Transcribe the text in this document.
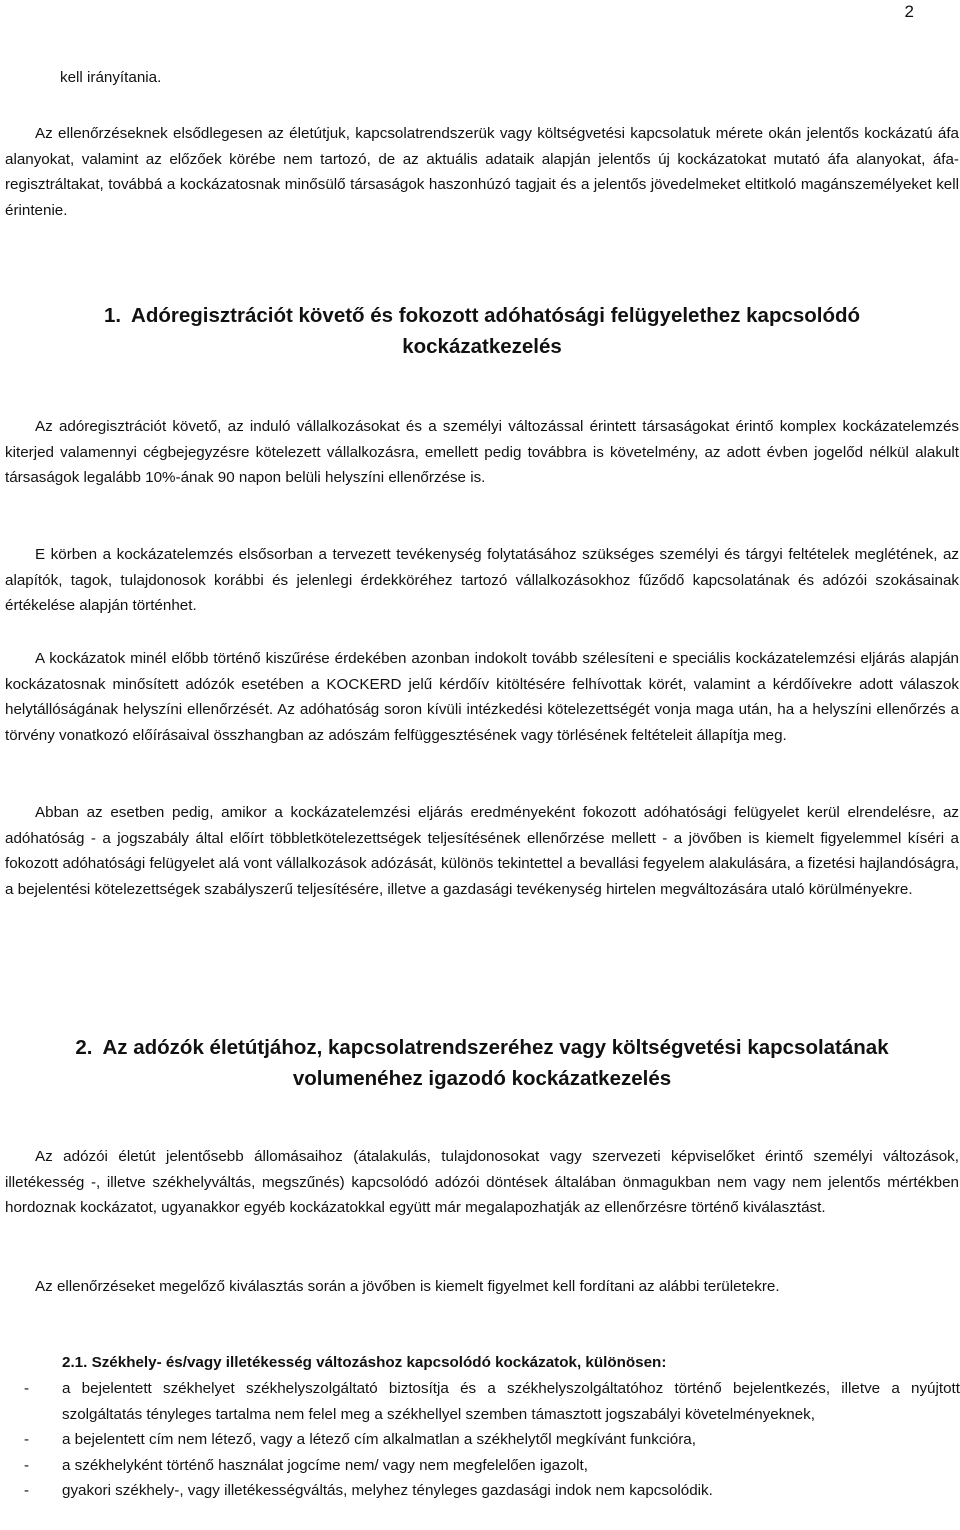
2

kell irányítania.

Az ellenőrzéseknek elsődlegesen az életútjuk, kapcsolatrendszerük vagy költségvetési kapcsolatuk mérete okán jelentős kockázatú áfa alanyokat, valamint az előzőek körébe nem tartozó, de az aktuális adataik alapján jelentős új kockázatokat mutató áfa alanyokat, áfa-regisztráltakat, továbbá a kockázatosnak minősülő társaságok haszonhúzó tagjait és a jelentős jövedelmeket eltitkoló magánszemélyeket kell érintenie.

1. Adóregisztrációt követő és fokozott adóhatósági felügyelethez kapcsolódó
kockázatkezelés

Az adóregisztrációt követő, az induló vállalkozásokat és a személyi változással érintett társaságokat érintő komplex kockázatelemzés kiterjed valamennyi cégbejegyzésre kötelezett vállalkozásra, emellett pedig továbbra is követelmény, az adott évben jogelőd nélkül alakult társaságok legalább 10%-ának 90 napon belüli helyszíni ellenőrzése is.

E körben a kockázatelemzés elsősorban a tervezett tevékenység folytatásához szükséges személyi és tárgyi feltételek meglétének, az alapítók, tagok, tulajdonosok korábbi és jelenlegi érdekköréhez tartozó vállalkozásokhoz fűződő kapcsolatának és adózói szokásainak értékelése alapján történhet.

A kockázatok minél előbb történő kiszűrése érdekében azonban indokolt tovább szélesíteni e speciális kockázatelemzési eljárás alapján kockázatosnak minősített adózók esetében a KOCKERD jelű kérdőív kitöltésére felhívottak körét, valamint a kérdőívekre adott válaszok helytállóságának helyszíni ellenőrzését. Az adóhatóság soron kívüli intézkedési kötelezettségét vonja maga után, ha a helyszíni ellenőrzés a törvény vonatkozó előírásaival összhangban az adószám felfüggesztésének vagy törlésének feltételeit állapítja meg.

Abban az esetben pedig, amikor a kockázatelemzési eljárás eredményeként fokozott adóhatósági felügyelet kerül elrendelésre, az adóhatóság - a jogszabály által előírt többletkötelezettségek teljesítésének ellenőrzése mellett - a jövőben is kiemelt figyelemmel kíséri a fokozott adóhatósági felügyelet alá vont vállalkozások adózását, különös tekintettel a bevallási fegyelem alakulására, a fizetési hajlandóságra, a bejelentési kötelezettségek szabályszerű teljesítésére, illetve a gazdasági tevékenység hirtelen megváltozására utaló körülményekre.

2. Az adózók életútjához, kapcsolatrendszeréhez vagy költségvetési kapcsolatának
volumenéhez igazodó kockázatkezelés

Az adózói életút jelentősebb állomásaihoz (átalakulás, tulajdonosokat vagy szervezeti képviselőket érintő személyi változások, illetékesség -, illetve székhelyváltás, megszűnés) kapcsolódó adózói döntések általában önmagukban nem vagy nem jelentős mértékben hordoznak kockázatot, ugyanakkor egyéb kockázatokkal együtt már megalapozhatják az ellenőrzésre történő kiválasztást.

Az ellenőrzéseket megelőző kiválasztás során a jövőben is kiemelt figyelmet kell fordítani az alábbi területekre.

2.1. Székhely- és/vagy illetékesség változáshoz kapcsolódó kockázatok, különösen:
- a bejelentett székhelyet székhelyszolgáltató biztosítja és a székhelyszolgáltatóhoz történő bejelentkezés, illetve a nyújtott szolgáltatás tényleges tartalma nem felel meg a székhellyel szemben támasztott jogszabályi követelményeknek,
- a bejelentett cím nem létező, vagy a létező cím alkalmatlan a székhelytől megkívánt funkcióra,
- a székhelyként történő használat jogcíme nem/ vagy nem megfelelően igazolt,
- gyakori székhely-, vagy illetékességváltás, melyhez tényleges gazdasági indok nem kapcsolódik.
